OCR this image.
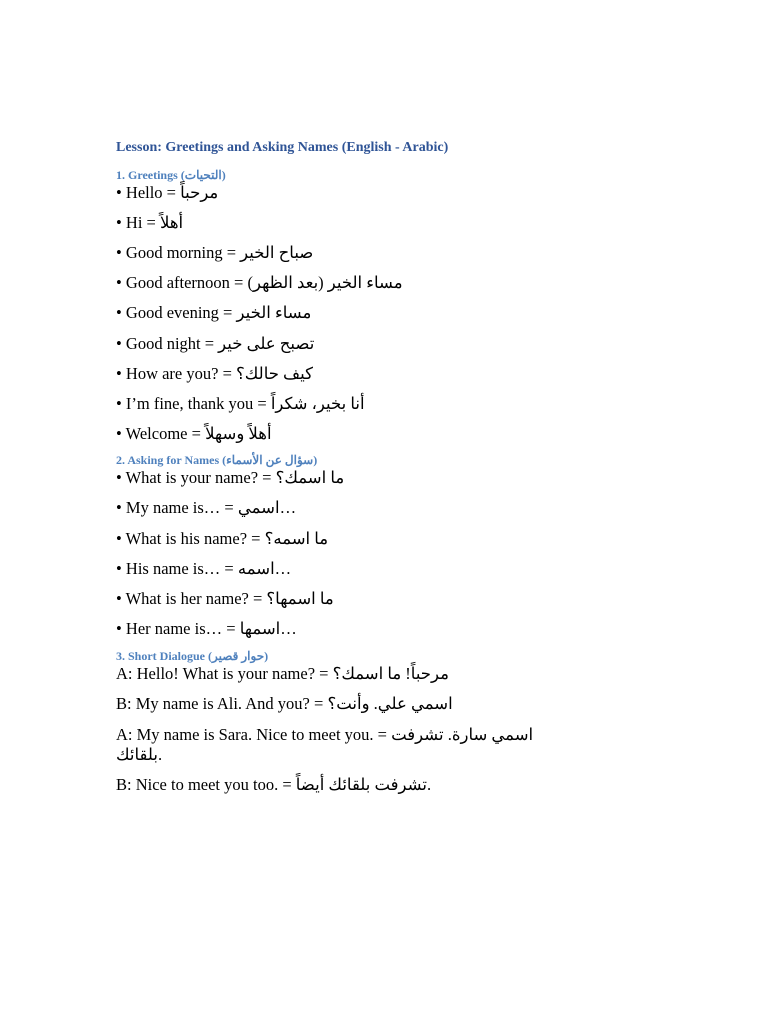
Lesson: Greetings and Asking Names (English - Arabic)
1. Greetings (التحيات)
• Hello = مرحباً
• Hi = أهلاً
• Good morning = صباح الخير
• Good afternoon = مساء الخير (بعد الظهر)
• Good evening = مساء الخير
• Good night = تصبح على خير
• How are you? = كيف حالك؟
• I’m fine, thank you = أنا بخير، شكراً
• Welcome = أهلاً وسهلاً
2. Asking for Names (سؤال عن الأسماء)
• What is your name? = ما اسمك؟
• My name is… = اسمي…
• What is his name? = ما اسمه؟
• His name is… = اسمه…
• What is her name? = ما اسمها؟
• Her name is… = اسمها…
3. Short Dialogue (حوار قصير)
A: Hello! What is your name? = مرحباً! ما اسمك؟
B: My name is Ali. And you? = اسمي علي. وأنت؟
A: My name is Sara. Nice to meet you. = اسمي سارة. تشرفت بلقائك.
B: Nice to meet you too. = تشرفت بلقائك أيضاً.
